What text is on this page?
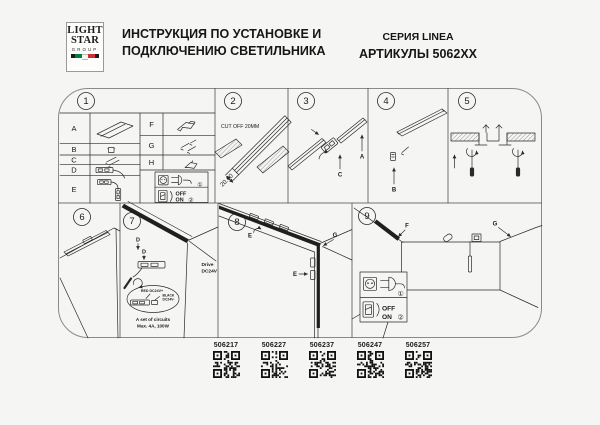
LIGHT
STAR
GROUP
ИНСТРУКЦИЯ ПО УСТАНОВКЕ И
ПОДКЛЮЧЕНИЮ СВЕТИЛЬНИКА
СЕРИЯ LINEA
АРТИКУЛЫ 5062XX
1	2	3	4	5
6	7	8
9
A
B
C
D
E
F
G
H
①
②
OFF
ON
CUT OFF 20MM
20.00
A
C
B
D
D
Drive
DC24V
RED DC24V+
BLACK
DC24V-
A set of circuits
Max. 4A, 100W
E
E
G
①
OFF
ON ②
F	G
506217	506227	506237	506247	506257
